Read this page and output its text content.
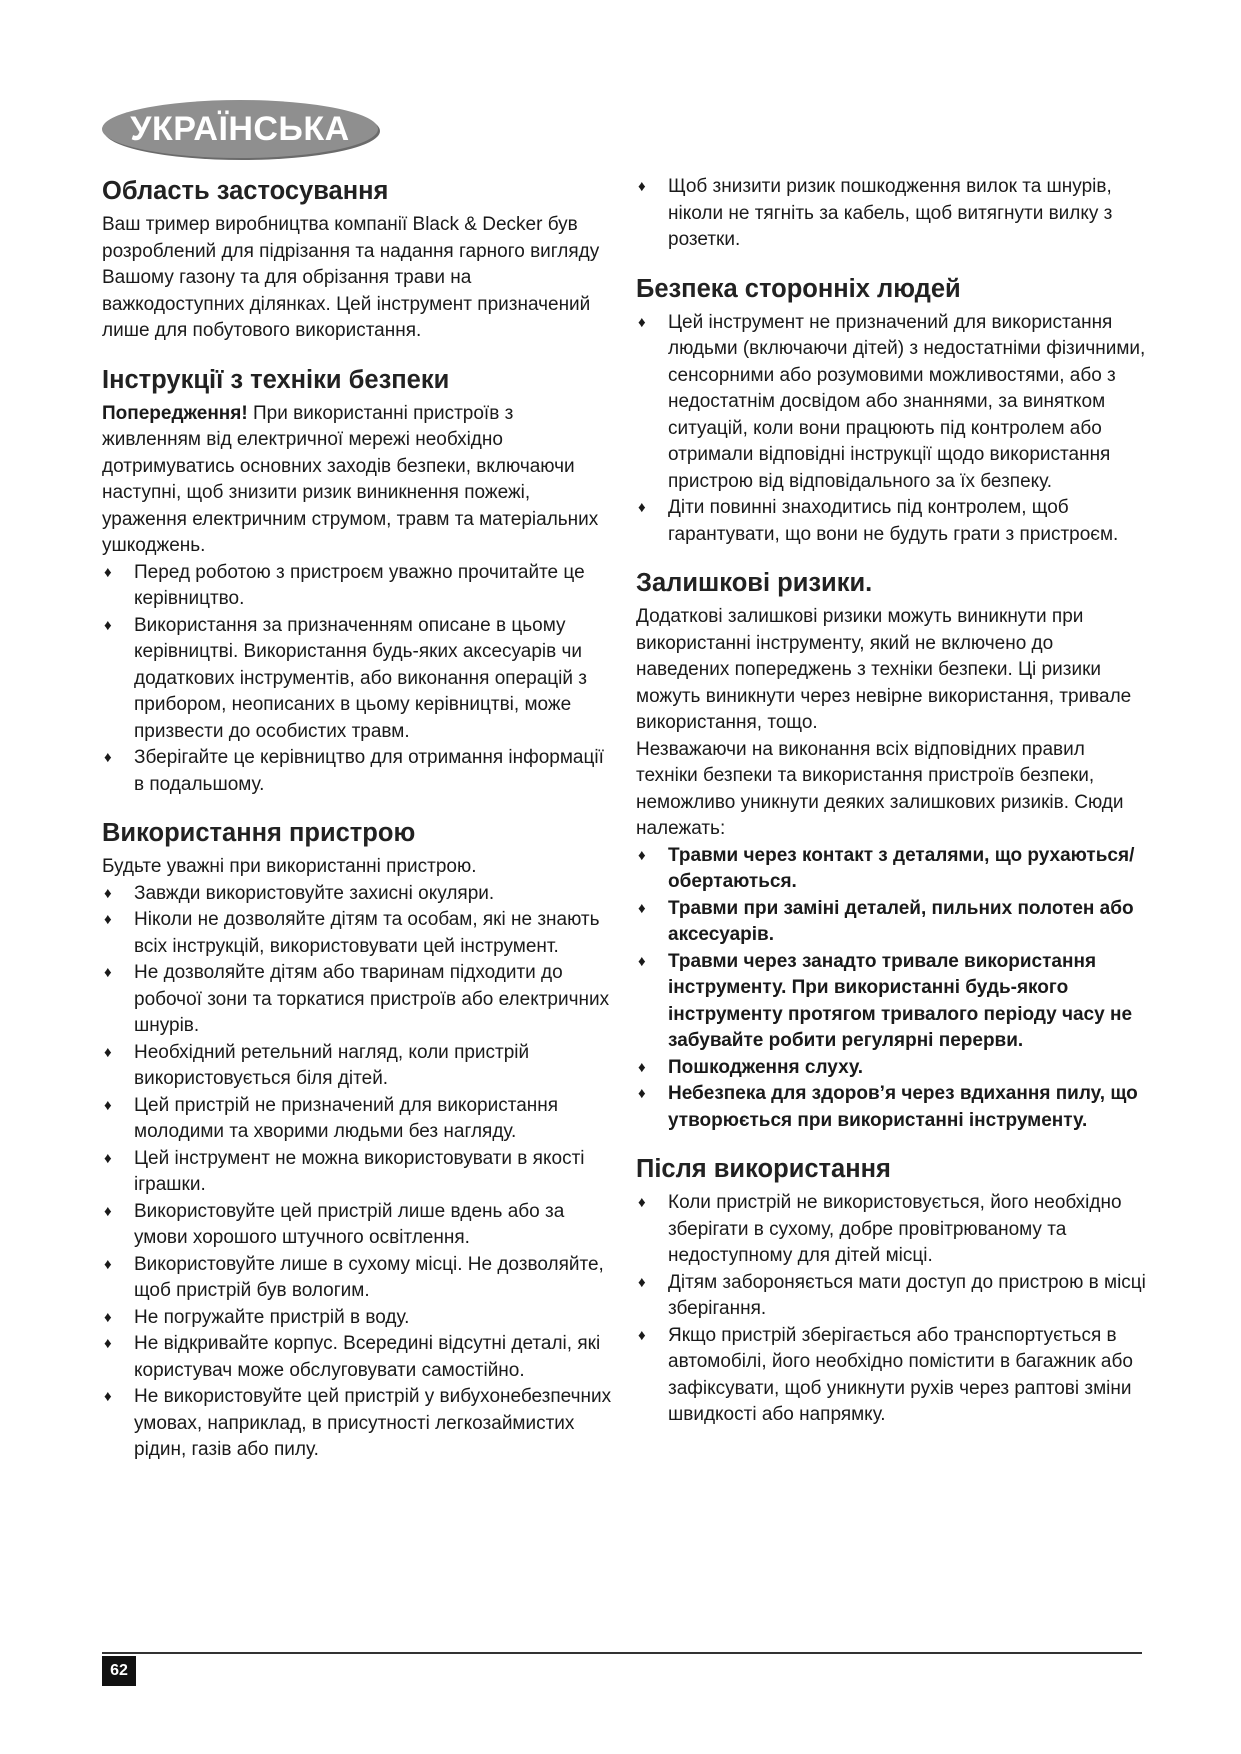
УКРАЇНСЬКА
Область застосування

Ваш тример виробництва компанії Black & Decker був розроблений для підрізання та надання гарного вигляду Вашому газону та для обрізання трави на важкодоступних ділянках. Цей інструмент призначений лише для побутового використання.

Інструкції з техніки безпеки

Попередження! При використанні пристроїв з живленням від електричної мережі необхідно дотримуватись основних заходів безпеки, включаючи наступні, щоб знизити ризик виникнення пожежі, ураження електричним струмом, травм та матеріальних ушкоджень.

♦ Перед роботою з пристроєм уважно прочитайте це керівництво.
♦ Використання за призначенням описане в цьому керівництві. Використання будь-яких аксесуарів чи додаткових інструментів, або виконання операцій з прибором, неописаних в цьому керівництві, може призвести до особистих травм.
♦ Зберігайте це керівництво для отримання інформації в подальшому.
Використання пристрою

Будьте уважні при використанні пристрою.

♦ Завжди використовуйте захисні окуляри.
♦ Ніколи не дозволяйте дітям та особам, які не знають всіх інструкцій, використовувати цей інструмент.
♦ Не дозволяйте дітям або тваринам підходити до робочої зони та торкатися пристроїв або електричних шнурів.
♦ Необхідний ретельний нагляд, коли пристрій використовується біля дітей.
♦ Цей пристрій не призначений для використання молодими та хворими людьми без нагляду.
♦ Цей інструмент не можна використовувати в якості іграшки.
♦ Використовуйте цей пристрій лише вдень або за умови хорошого штучного освітлення.
♦ Використовуйте лише в сухому місці. Не дозволяйте, щоб пристрій був вологим.
♦ Не погружайте пристрій в воду.
♦ Не відкривайте корпус. Всередині відсутні деталі, які користувач може обслуговувати самостійно.
♦ Не використовуйте цей пристрій у вибухонебезпечних умовах, наприклад, в присутності легкозаймистих рідин, газів або пилу.
♦ Щоб знизити ризик пошкодження вилок та шнурів, ніколи не тягніть за кабель, щоб витягнути вилку з розетки.
Безпека сторонніх людей
♦ Цей інструмент не призначений для використання людьми (включаючи дітей) з недостатніми фізичними, сенсорними або розумовими можливостями, або з недостатнім досвідом або знаннями, за винятком ситуацій, коли вони працюють під контролем або отримали відповідні інструкції щодо використання пристрою від відповідального за їх безпеку.
♦ Діти повинні знаходитись під контролем, щоб гарантувати, що вони не будуть грати з пристроєм.
Залишкові ризики.

Додаткові залишкові ризики можуть виникнути при використанні інструменту, який не включено до наведених попереджень з техніки безпеки. Ці ризики можуть виникнути через невірне використання, тривале використання, тощо.

Незважаючи на виконання всіх відповідних правил техніки безпеки та використання пристроїв безпеки, неможливо уникнути деяких залишкових ризиків. Сюди належать:

♦ Травми через контакт з деталями, що рухаються/обертаються.
♦ Травми при заміні деталей, пильних полотен або аксесуарів.
♦ Травми через занадто тривале використання інструменту. При використанні будь-якого інструменту протягом тривалого періоду часу не забувайте робити регулярні перерви.
♦ Пошкодження слуху.
♦ Небезпека для здоров’я через вдихання пилу, що утворюється при використанні інструменту.
Після використання
♦ Коли пристрій не використовується, його необхідно зберігати в сухому, добре провітрюваному та недоступному для дітей місці.
♦ Дітям забороняється мати доступ до пристрою в місці зберігання.
♦ Якщо пристрій зберігається або транспортується в автомобілі, його необхідно помістити в багажник або зафіксувати, щоб уникнути рухів через раптові зміни швидкості або напрямку.
62
